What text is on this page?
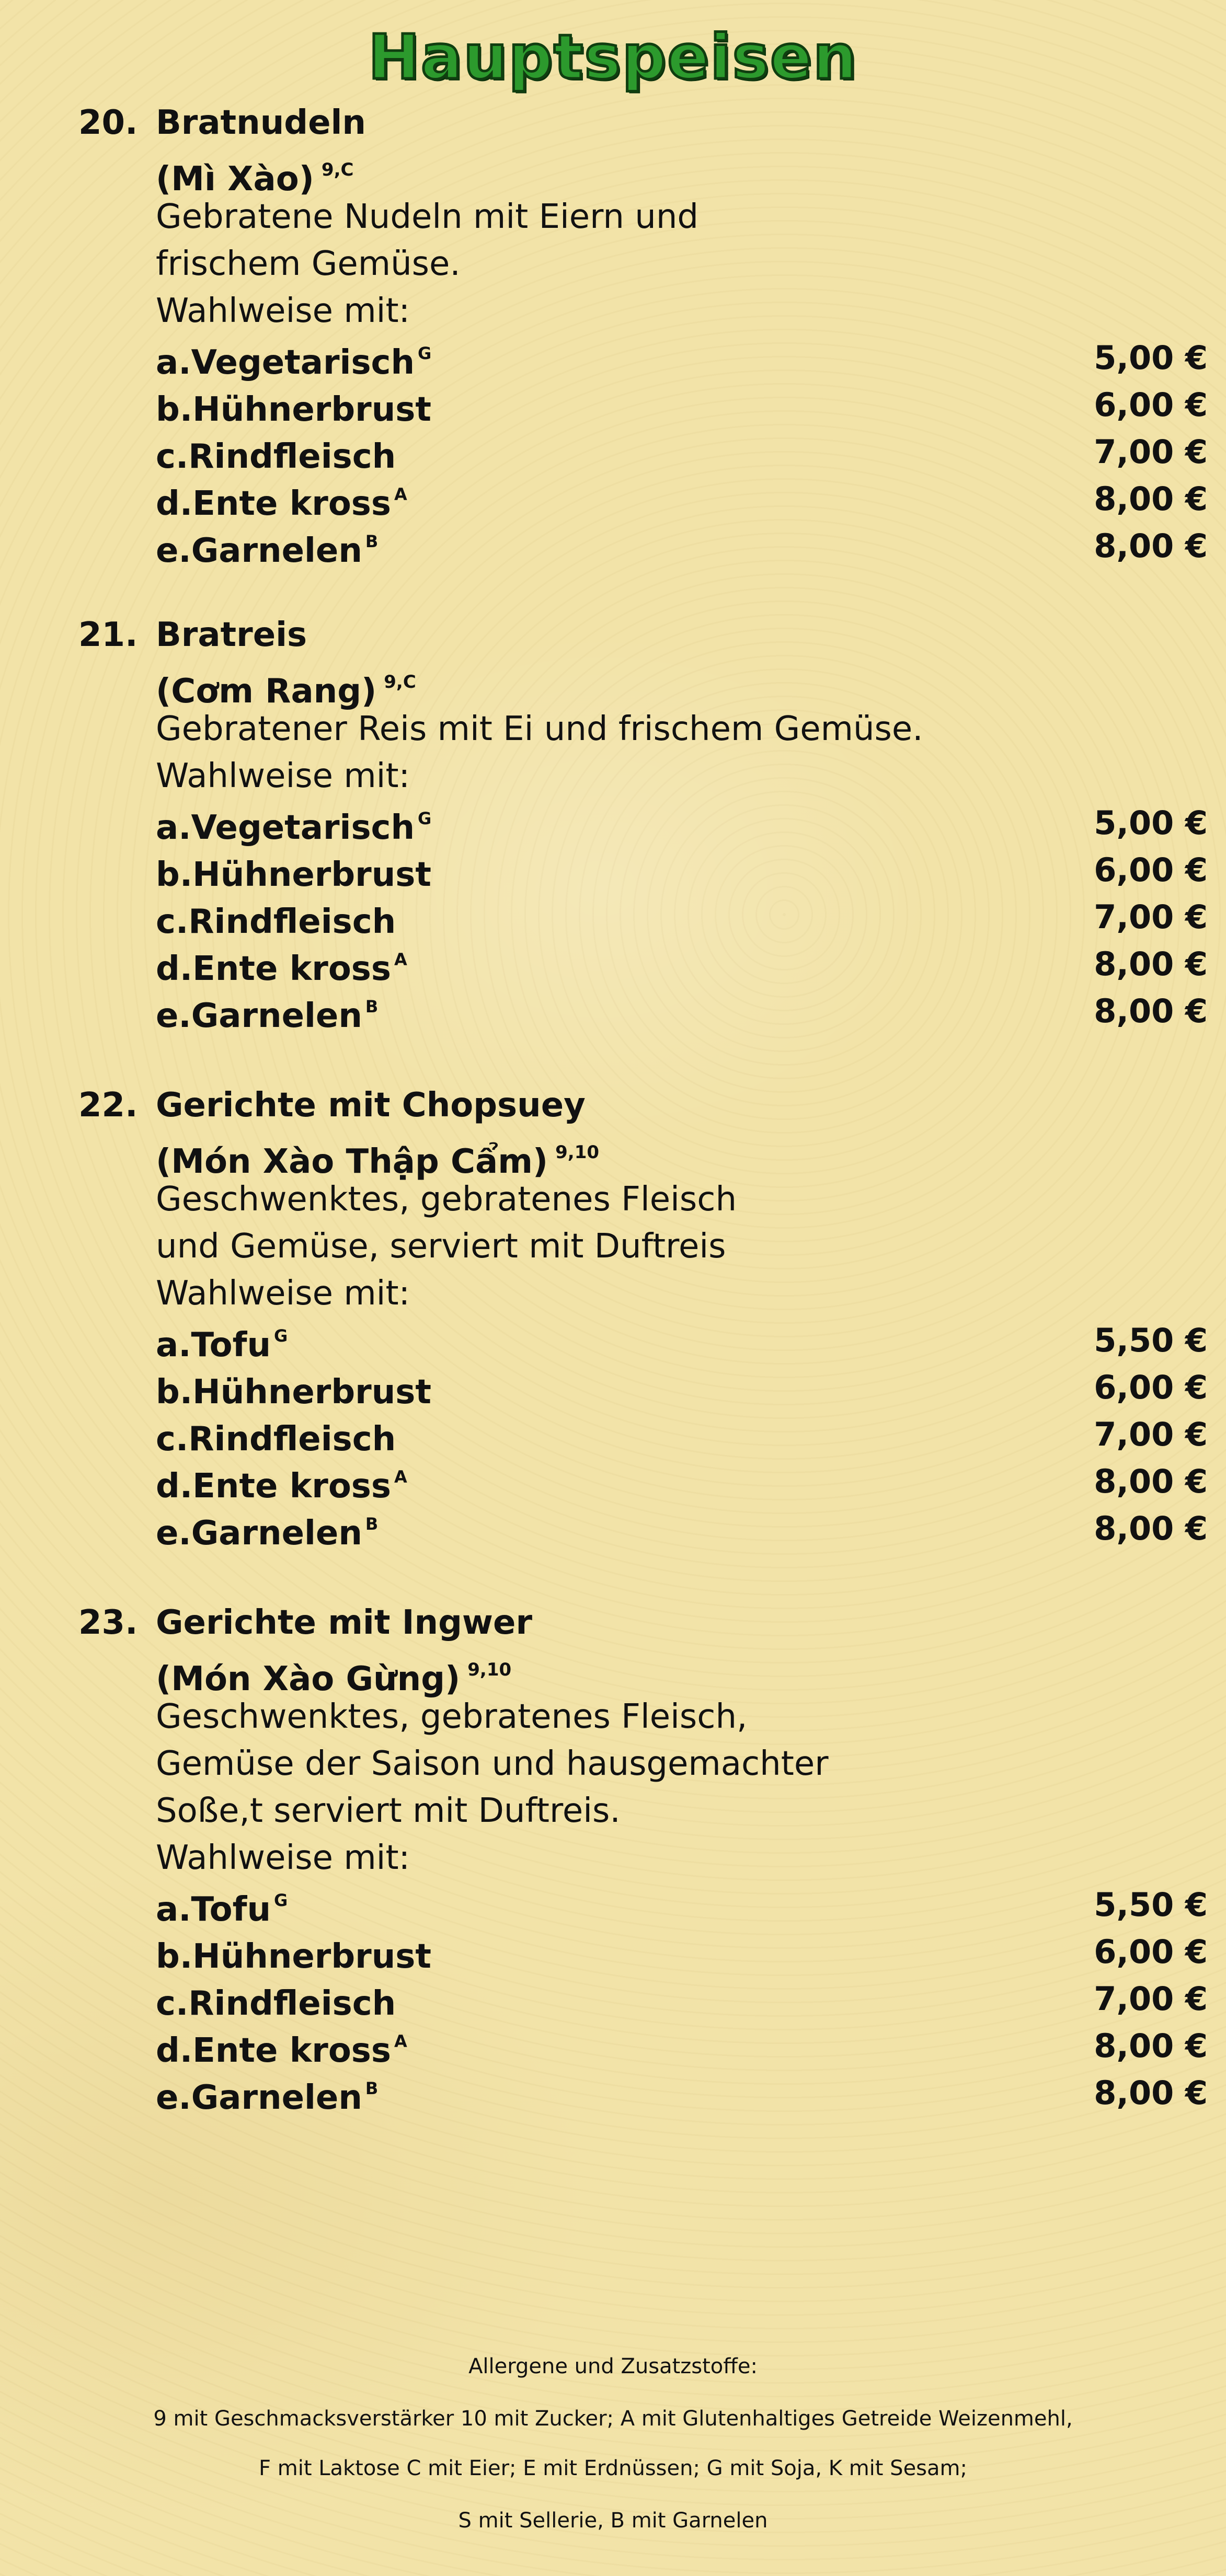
Hauptspeisen
20. Bratnudeln
(Mì Xào) $^{9,C}$
Gebratene Nudeln mit Eiern und
frischem Gemüse.
Wahlweise mit:
a.Vegetarisch $^G$	5,00 €
b.Hühnerbrust	6,00 €
c.Rindfleisch	7,00 €
d.Ente kross $^A$	8,00 €
e.Garnelen $^B$	8,00 €
21. Bratreis
(Cơm Rang) $^{9,C}$
Gebratener Reis mit Ei und frischem Gemüse.
Wahlweise mit:
a.Vegetarisch $^G$	5,00 €
b.Hühnerbrust	6,00 €
c.Rindfleisch	7,00 €
d.Ente kross $^A$	8,00 €
e.Garnelen $^B$	8,00 €
22. Gerichte mit Chopsuey
(Món Xào Thập Cẩm) $^{9,10}$
Geschwenktes, gebratenes Fleisch
und Gemüse, serviert mit Duftreis
Wahlweise mit:
a.Tofu $^G$	5,50 €
b.Hühnerbrust	6,00 €
c.Rindfleisch	7,00 €
d.Ente kross $^A$	8,00 €
e.Garnelen $^B$	8,00 €
23. Gerichte mit Ingwer
(Món Xào Gừng) $^{9,10}$
Geschwenktes, gebratenes Fleisch,
Gemüse der Saison und hausgemachter
Soße,t serviert mit Duftreis.
Wahlweise mit:
a.Tofu $^G$	5,50 €
b.Hühnerbrust	6,00 €
c.Rindfleisch	7,00 €
d.Ente kross $^A$	8,00 €
e.Garnelen $^B$	8,00 €
Allergene und Zusatzstoffe:
9 mit Geschmacksverstärker 10 mit Zucker; A mit Glutenhaltiges Getreide Weizenmehl,
F mit Laktose C mit Eier; E mit Erdnüssen; G mit Soja, K mit Sesam;
S mit Sellerie, B mit Garnelen
